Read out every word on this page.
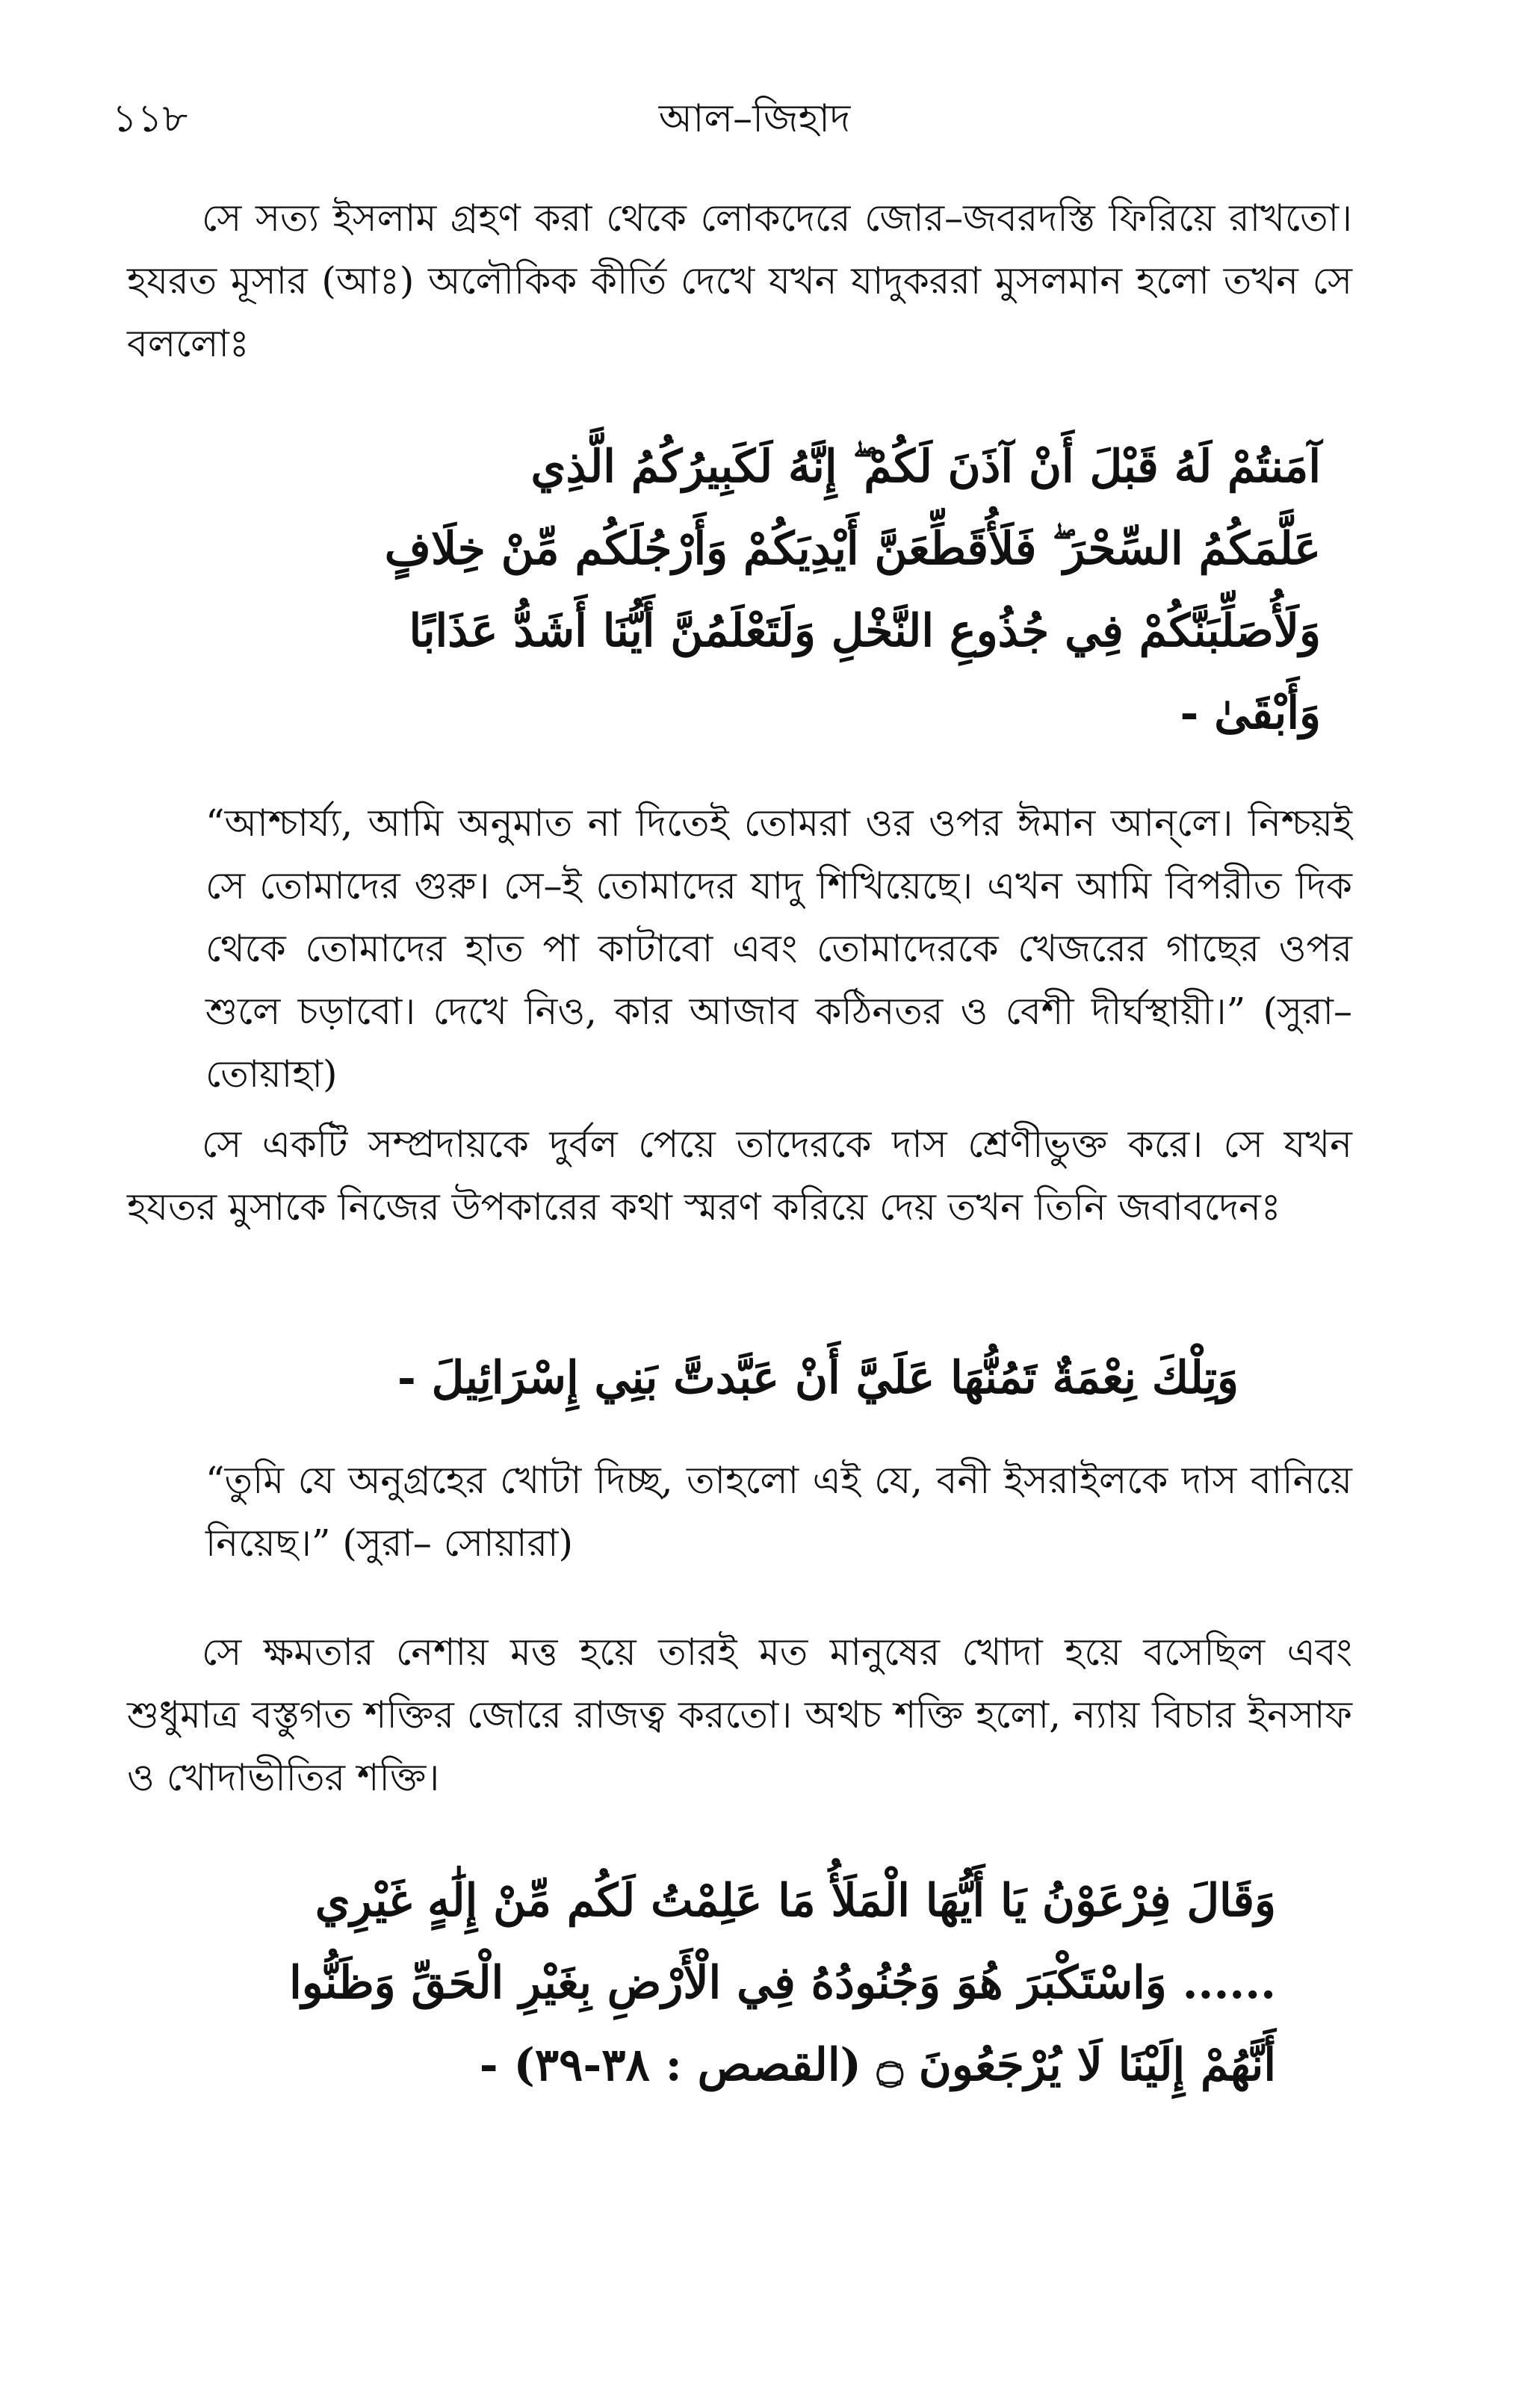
১১৮	আল–জিহাদ

সে সত্য ইসলাম গ্রহণ করা থেকে লোকদেরে জোর–জবরদস্তি ফিরিয়ে রাখতো। হযরত মূসার (আঃ) অলৌকিক কীর্তি দেখে যখন যাদুকররা মুসলমান হলো তখন সে বললোঃ

آمَنتُمْ لَهُ قَبْلَ أَنْ آذَنَ لَكُمْ ۖ إِنَّهُ لَكَبِيرُكُمُ الَّذِي
عَلَّمَكُمُ السِّحْرَ ۖ فَلَأُقَطِّعَنَّ أَيْدِيَكُمْ وَأَرْجُلَكُم مِّنْ خِلَافٍ
وَلَأُصَلِّبَنَّكُمْ فِي جُذُوعِ النَّخْلِ وَلَتَعْلَمُنَّ أَيُّنَا أَشَدُّ عَذَابًا
وَأَبْقَىٰ -

“আশ্চার্য্য, আমি অনুমাত না দিতেই তোমরা ওর ওপর ঈমান আন্‌লে। নিশ্চয়ই সে তোমাদের গুরু। সে–ই তোমাদের যাদু শিখিয়েছে। এখন আমি বিপরীত দিক থেকে তোমাদের হাত পা কাটাবো এবং তোমাদেরকে খেজরের গাছের ওপর শুলে চড়াবো। দেখে নিও, কার আজাব কঠিনতর ও বেশী দীর্ঘস্থায়ী।” (সুরা–তোয়াহা)

সে একটি সম্প্রদায়কে দুর্বল পেয়ে তাদেরকে দাস শ্রেণীভুক্ত করে। সে যখন হযতর মুসাকে নিজের উপকারের কথা স্মরণ করিয়ে দেয় তখন তিনি জবাবদেনঃ

وَتِلْكَ نِعْمَةٌ تَمُنُّهَا عَلَيَّ أَنْ عَبَّدتَّ بَنِي إِسْرَائِيلَ -

“তুমি যে অনুগ্রহের খোটা দিচ্ছ, তাহলো এই যে, বনী ইসরাইলকে দাস বানিয়ে নিয়েছ।” (সুরা– সোয়ারা)

সে ক্ষমতার নেশায় মত্ত হয়ে তারই মত মানুষের খোদা হয়ে বসেছিল এবং শুধুমাত্র বস্তুগত শক্তির জোরে রাজত্ব করতো। অথচ শক্তি হলো, ন্যায় বিচার ইনসাফ ও খোদাভীতির শক্তি।

وَقَالَ فِرْعَوْنُ يَا أَيُّهَا الْمَلَأُ مَا عَلِمْتُ لَكُم مِّنْ إِلَٰهٍ غَيْرِي
...... وَاسْتَكْبَرَ هُوَ وَجُنُودُهُ فِي الْأَرْضِ بِغَيْرِ الْحَقِّ وَظَنُّوا
أَنَّهُمْ إِلَيْنَا لَا يُرْجَعُونَ ۝ (القصص : ٣٨-٣٩) -
